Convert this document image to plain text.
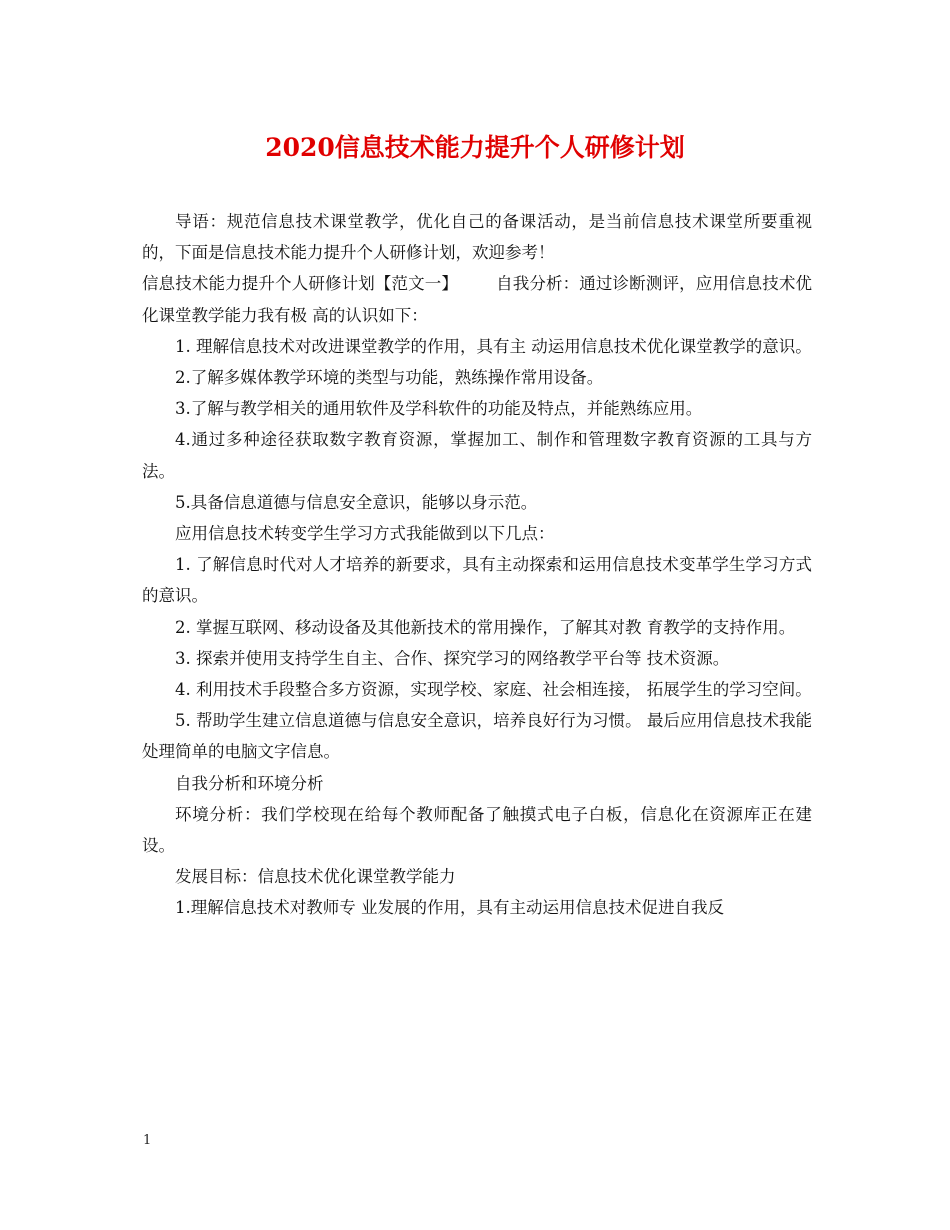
2020信息技术能力提升个人研修计划

导语：规范信息技术课堂教学，优化自己的备课活动，是当前信息技术课堂所要重视的，下面是信息技术能力提升个人研修计划，欢迎参考！

信息技术能力提升个人研修计划【范文一】 自我分析：通过诊断测评，应用信息技术优化课堂教学能力我有极 高的认识如下：

1. 理解信息技术对改进课堂教学的作用，具有主 动运用信息技术优化课堂教学的意识。

2.了解多媒体教学环境的类型与功能，熟练操作常用设备。

3.了解与教学相关的通用软件及学科软件的功能及特点，并能熟练应用。

4.通过多种途径获取数字教育资源，掌握加工、制作和管理数字教育资源的工具与方法。

5.具备信息道德与信息安全意识，能够以身示范。

应用信息技术转变学生学习方式我能做到以下几点：

1. 了解信息时代对人才培养的新要求，具有主动探索和运用信息技术变革学生学习方式的意识。

2. 掌握互联网、移动设备及其他新技术的常用操作，了解其对教 育教学的支持作用。

3. 探索并使用支持学生自主、合作、探究学习的网络教学平台等 技术资源。

4. 利用技术手段整合多方资源，实现学校、家庭、社会相连接， 拓展学生的学习空间。

5. 帮助学生建立信息道德与信息安全意识，培养良好行为习惯。 最后应用信息技术我能处理简单的电脑文字信息。

自我分析和环境分析

环境分析：我们学校现在给每个教师配备了触摸式电子白板，信息化在资源库正在建设。

发展目标：信息技术优化课堂教学能力

1.理解信息技术对教师专 业发展的作用，具有主动运用信息技术促进自我反

1
